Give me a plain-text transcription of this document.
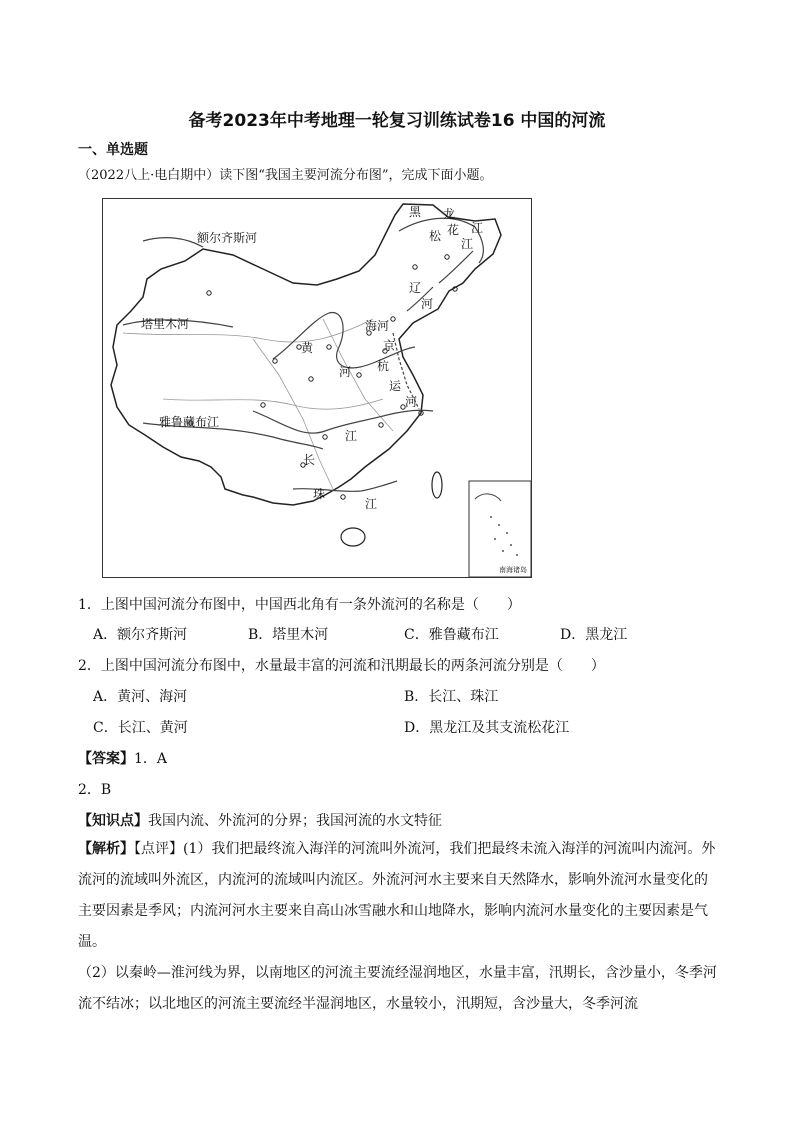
备考2023年中考地理一轮复习训练试卷16 中国的河流
一、单选题
（2022八上·电白期中）读下图“我国主要河流分布图”，完成下面小题。
额尔齐斯河
塔里木河
雅鲁藏布江
黑 龙
江
江
松 花
辽
河
海河
京
杭
运
河
黄
河
江
长
珠
江
南海诸岛
1．上图中国河流分布图中，中国西北角有一条外流河的名称是（　　）
A．额尔齐斯河	B．塔里木河	C．雅鲁藏布江	D．黑龙江
2．上图中国河流分布图中，水量最丰富的河流和汛期最长的两条河流分别是（　　）
A．黄河、海河	B．长江、珠江
C．长江、黄河	D．黑龙江及其支流松花江
【答案】1．A
2．B
【知识点】我国内流、外流河的分界；我国河流的水文特征
【解析】【点评】(1）我们把最终流入海洋的河流叫外流河，我们把最终未流入海洋的河流叫内流河。外流河的流域叫外流区，内流河的流域叫内流区。外流河河水主要来自天然降水，影响外流河水量变化的主要因素是季风；内流河河水主要来自高山冰雪融水和山地降水，影响内流河水量变化的主要因素是气温。
（2）以秦岭—淮河线为界，以南地区的河流主要流经湿润地区，水量丰富，汛期长，含沙量小，冬季河流不结冰；以北地区的河流主要流经半湿润地区，水量较小，汛期短，含沙量大，冬季河流
